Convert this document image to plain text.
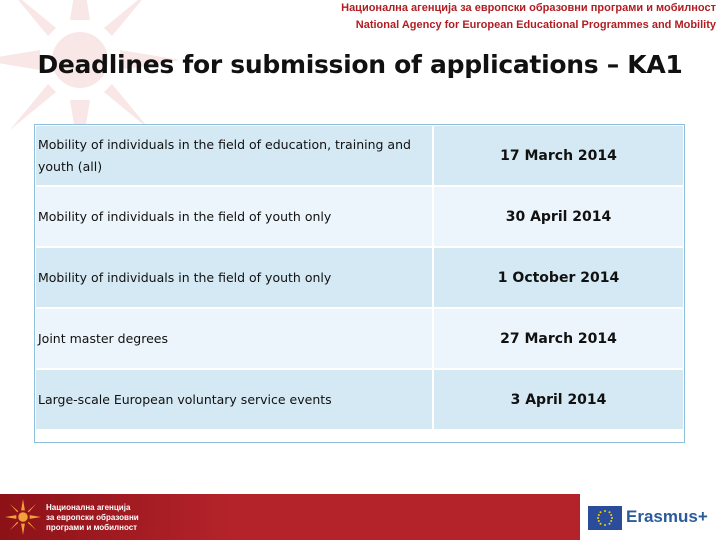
Национална агенција за европски образовни програми и мобилност
National Agency for European Educational Programmes and Mobility
Deadlines for submission of applications – KA1
Mobility of individuals in the field of education, training and youth (all)	17 March 2014
Mobility of individuals in the field of youth only	30 April 2014
Mobility of individuals in the field of youth only	1 October 2014
Joint master degrees	27 March 2014
Large-scale European voluntary service events	3 April 2014
Национална агенција
за европски образовни
програми и мобилност
Erasmus+
